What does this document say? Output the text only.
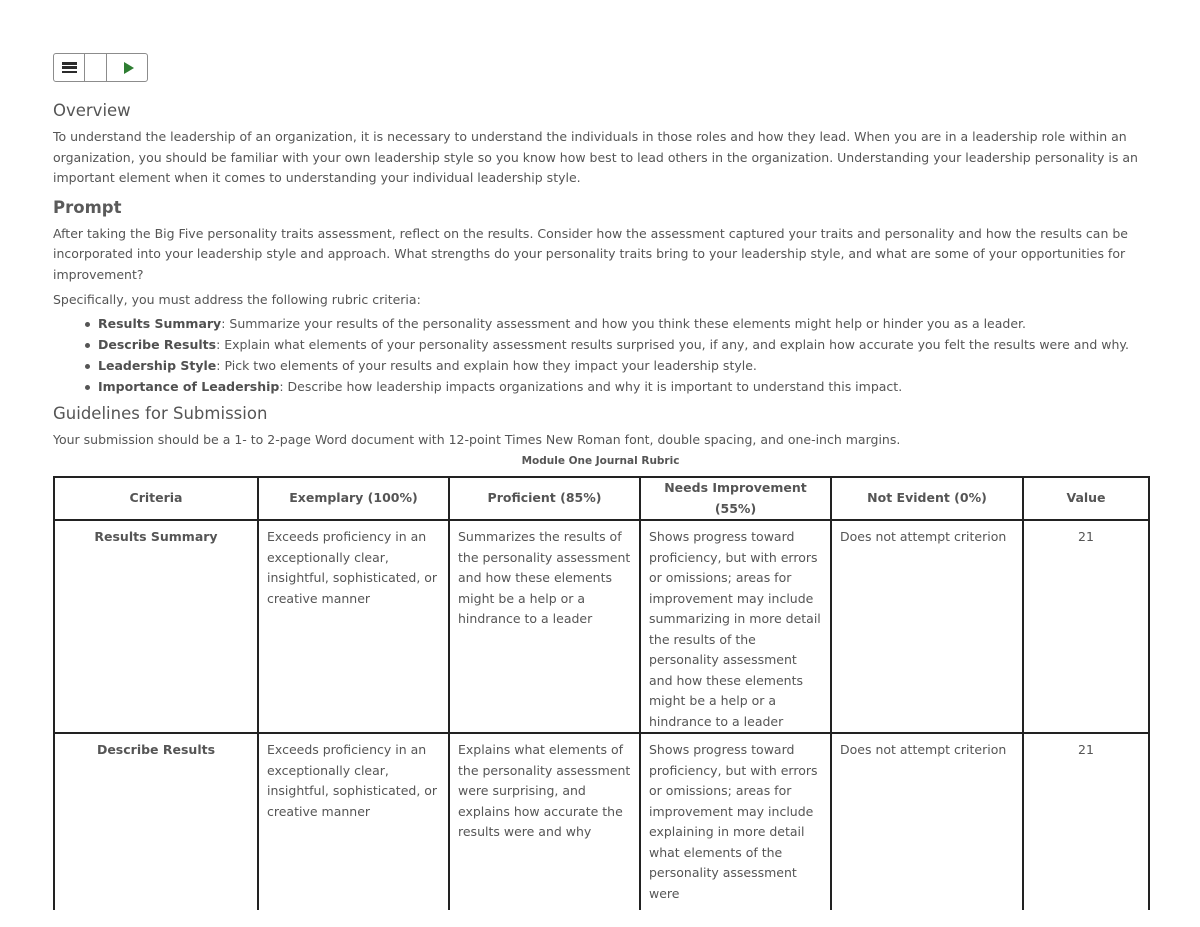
Overview

To understand the leadership of an organization, it is necessary to understand the individuals in those roles and how they lead. When you are in a leadership role within an organization, you should be familiar with your own leadership style so you know how best to lead others in the organization. Understanding your leadership personality is an important element when it comes to understanding your individual leadership style.

Prompt

After taking the Big Five personality traits assessment, reflect on the results. Consider how the assessment captured your traits and personality and how the results can be incorporated into your leadership style and approach. What strengths do your personality traits bring to your leadership style, and what are some of your opportunities for improvement?

Specifically, you must address the following rubric criteria:

Results Summary: Summarize your results of the personality assessment and how you think these elements might help or hinder you as a leader.
Describe Results: Explain what elements of your personality assessment results surprised you, if any, and explain how accurate you felt the results were and why.
Leadership Style: Pick two elements of your results and explain how they impact your leadership style.
Importance of Leadership: Describe how leadership impacts organizations and why it is important to understand this impact.
Guidelines for Submission

Your submission should be a 1- to 2-page Word document with 12-point Times New Roman font, double spacing, and one-inch margins.

Module One Journal Rubric
Criteria	Exemplary (100%)	Proficient (85%)	Needs Improvement (55%)	Not Evident (0%)	Value
Results Summary	Exceeds proficiency in an exceptionally clear, insightful, sophisticated, or creative manner	Summarizes the results of the personality assessment and how these elements might be a help or a hindrance to a leader	Shows progress toward proficiency, but with errors or omissions; areas for improvement may include summarizing in more detail the results of the personality assessment and how these elements might be a help or a hindrance to a leader	Does not attempt criterion	21
Describe Results	Exceeds proficiency in an exceptionally clear, insightful, sophisticated, or creative manner	Explains what elements of the personality assessment were surprising, and explains how accurate the results were and why	Shows progress toward proficiency, but with errors or omissions; areas for improvement may include explaining in more detail what elements of the personality assessment were	Does not attempt criterion	21
